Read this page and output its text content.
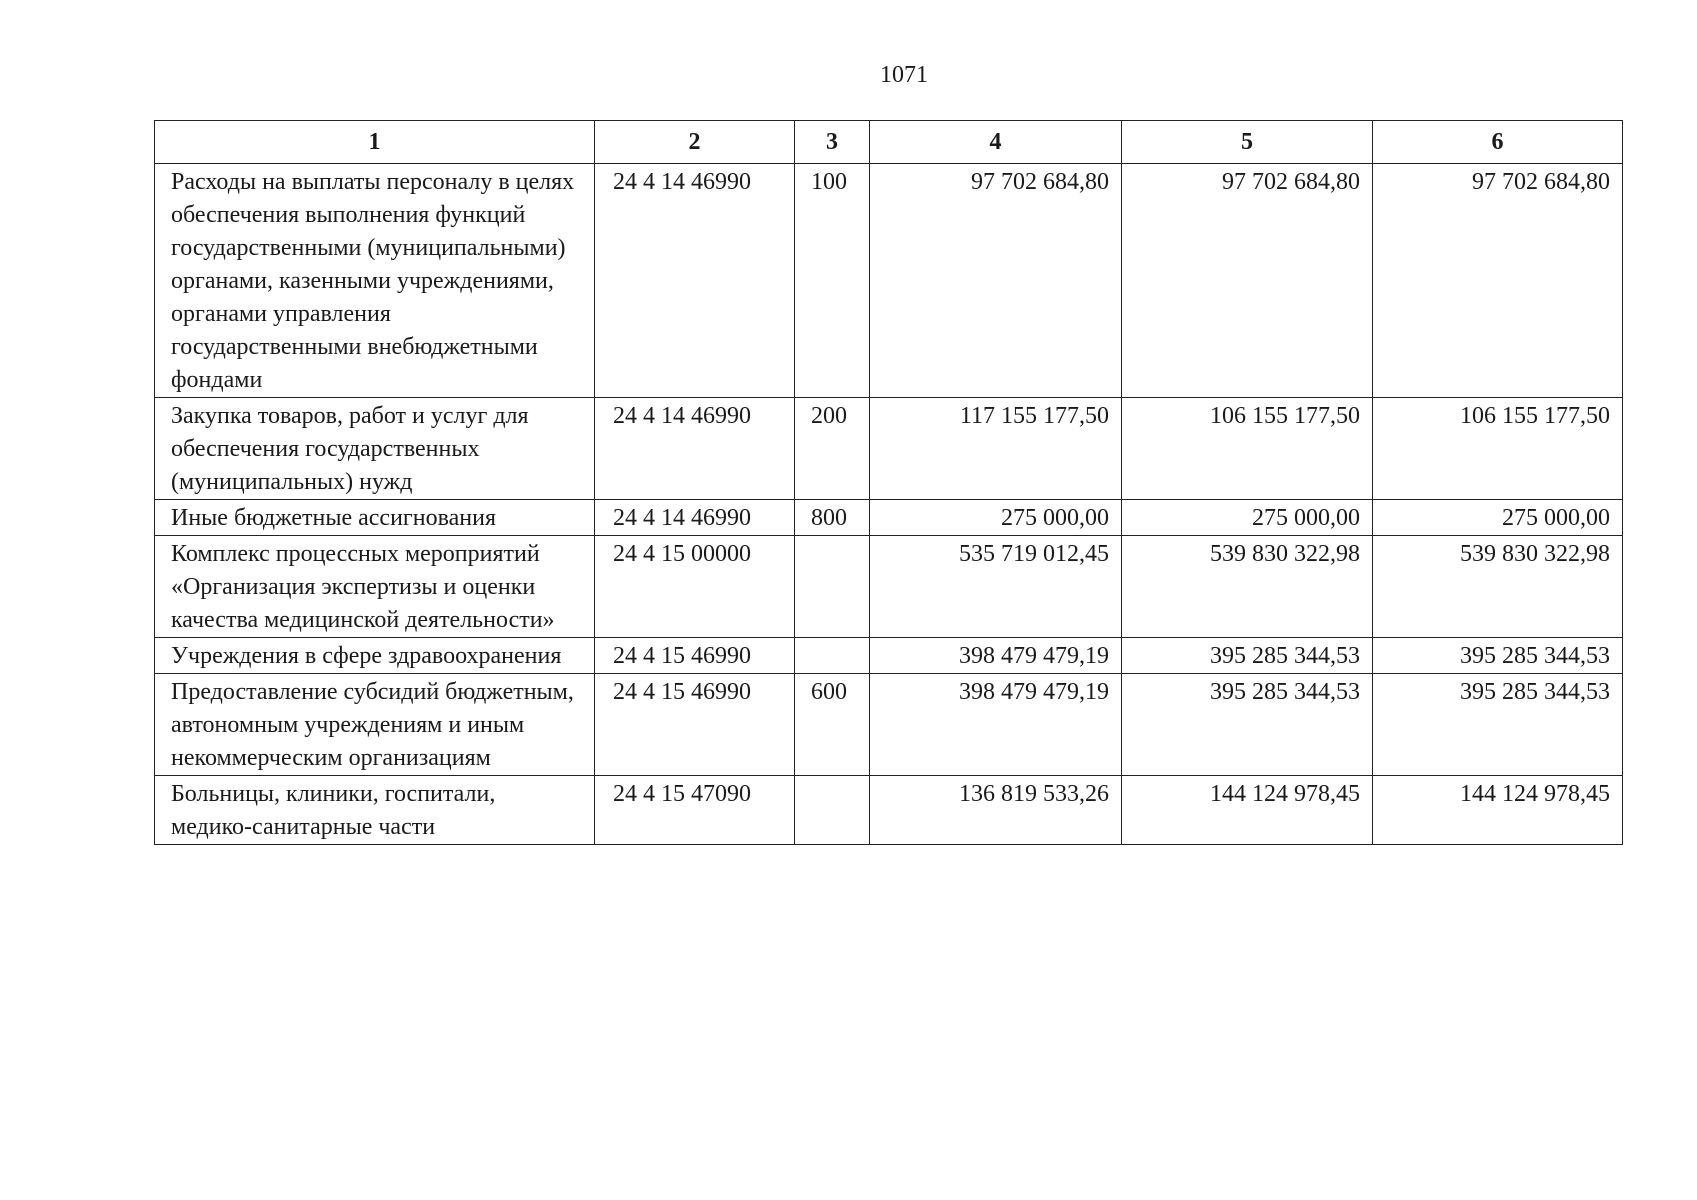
1071
1	2	3	4	5	6
Расходы на выплаты персоналу в целях обеспечения выполнения функций государственными (муниципальными) органами, казенными учреждениями, органами управления государственными внебюджетными фондами	24 4 14 46990	100	97 702 684,80	97 702 684,80	97 702 684,80
Закупка товаров, работ и услуг для обеспечения государственных (муниципальных) нужд	24 4 14 46990	200	117 155 177,50	106 155 177,50	106 155 177,50
Иные бюджетные ассигнования	24 4 14 46990	800	275 000,00	275 000,00	275 000,00
Комплекс процессных мероприятий «Организация экспертизы и оценки качества медицинской деятельности»	24 4 15 00000		535 719 012,45	539 830 322,98	539 830 322,98
Учреждения в сфере здравоохранения	24 4 15 46990		398 479 479,19	395 285 344,53	395 285 344,53
Предоставление субсидий бюджетным, автономным учреждениям и иным некоммерческим организациям	24 4 15 46990	600	398 479 479,19	395 285 344,53	395 285 344,53
Больницы, клиники, госпитали, медико-санитарные части	24 4 15 47090		136 819 533,26	144 124 978,45	144 124 978,45
